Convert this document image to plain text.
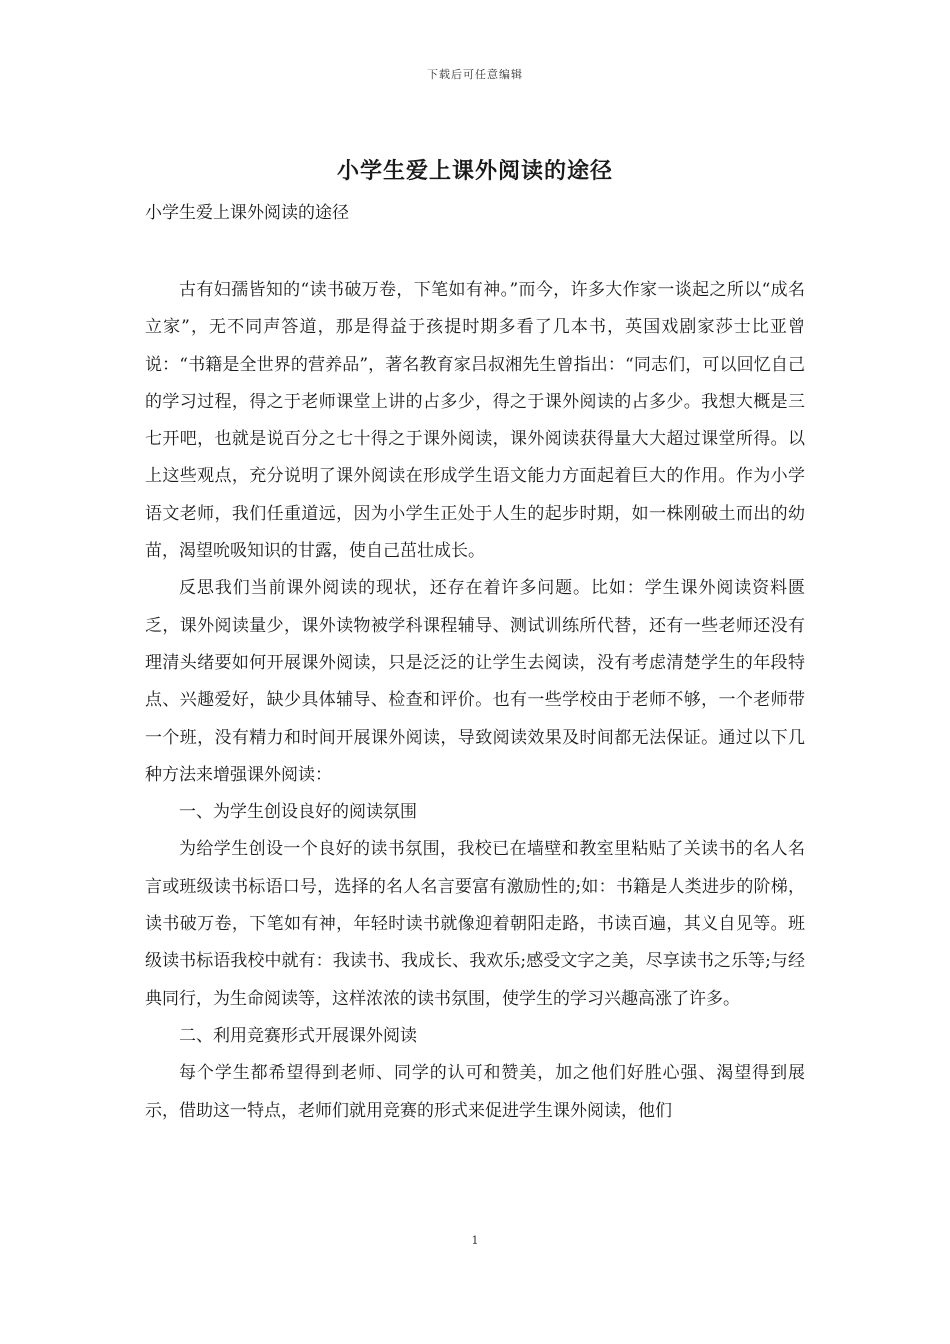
下载后可任意编辑
小学生爱上课外阅读的途径

小学生爱上课外阅读的途径

古有妇孺皆知的“读书破万卷，下笔如有神。”而今，许多大作家一谈起之所以“成名立家”，无不同声答道，那是得益于孩提时期多看了几本书，英国戏剧家莎士比亚曾说：“书籍是全世界的营养品”，著名教育家吕叔湘先生曾指出：“同志们，可以回忆自己的学习过程，得之于老师课堂上讲的占多少，得之于课外阅读的占多少。我想大概是三七开吧，也就是说百分之七十得之于课外阅读，课外阅读获得量大大超过课堂所得。以上这些观点，充分说明了课外阅读在形成学生语文能力方面起着巨大的作用。作为小学语文老师，我们任重道远，因为小学生正处于人生的起步时期，如一株刚破土而出的幼苗，渴望吮吸知识的甘露，使自己茁壮成长。

反思我们当前课外阅读的现状，还存在着许多问题。比如：学生课外阅读资料匮乏，课外阅读量少，课外读物被学科课程辅导、测试训练所代替，还有一些老师还没有理清头绪要如何开展课外阅读，只是泛泛的让学生去阅读，没有考虑清楚学生的年段特点、兴趣爱好，缺少具体辅导、检查和评价。也有一些学校由于老师不够，一个老师带一个班，没有精力和时间开展课外阅读，导致阅读效果及时间都无法保证。通过以下几种方法来增强课外阅读：

一、为学生创设良好的阅读氛围

为给学生创设一个良好的读书氛围，我校已在墙壁和教室里粘贴了关读书的名人名言或班级读书标语口号，选择的名人名言要富有激励性的;如：书籍是人类进步的阶梯，读书破万卷，下笔如有神，年轻时读书就像迎着朝阳走路，书读百遍，其义自见等。班级读书标语我校中就有：我读书、我成长、我欢乐;感受文字之美，尽享读书之乐等;与经典同行，为生命阅读等，这样浓浓的读书氛围，使学生的学习兴趣高涨了许多。

二、利用竞赛形式开展课外阅读

每个学生都希望得到老师、同学的认可和赞美，加之他们好胜心强、渴望得到展示，借助这一特点，老师们就用竞赛的形式来促进学生课外阅读，他们

1
